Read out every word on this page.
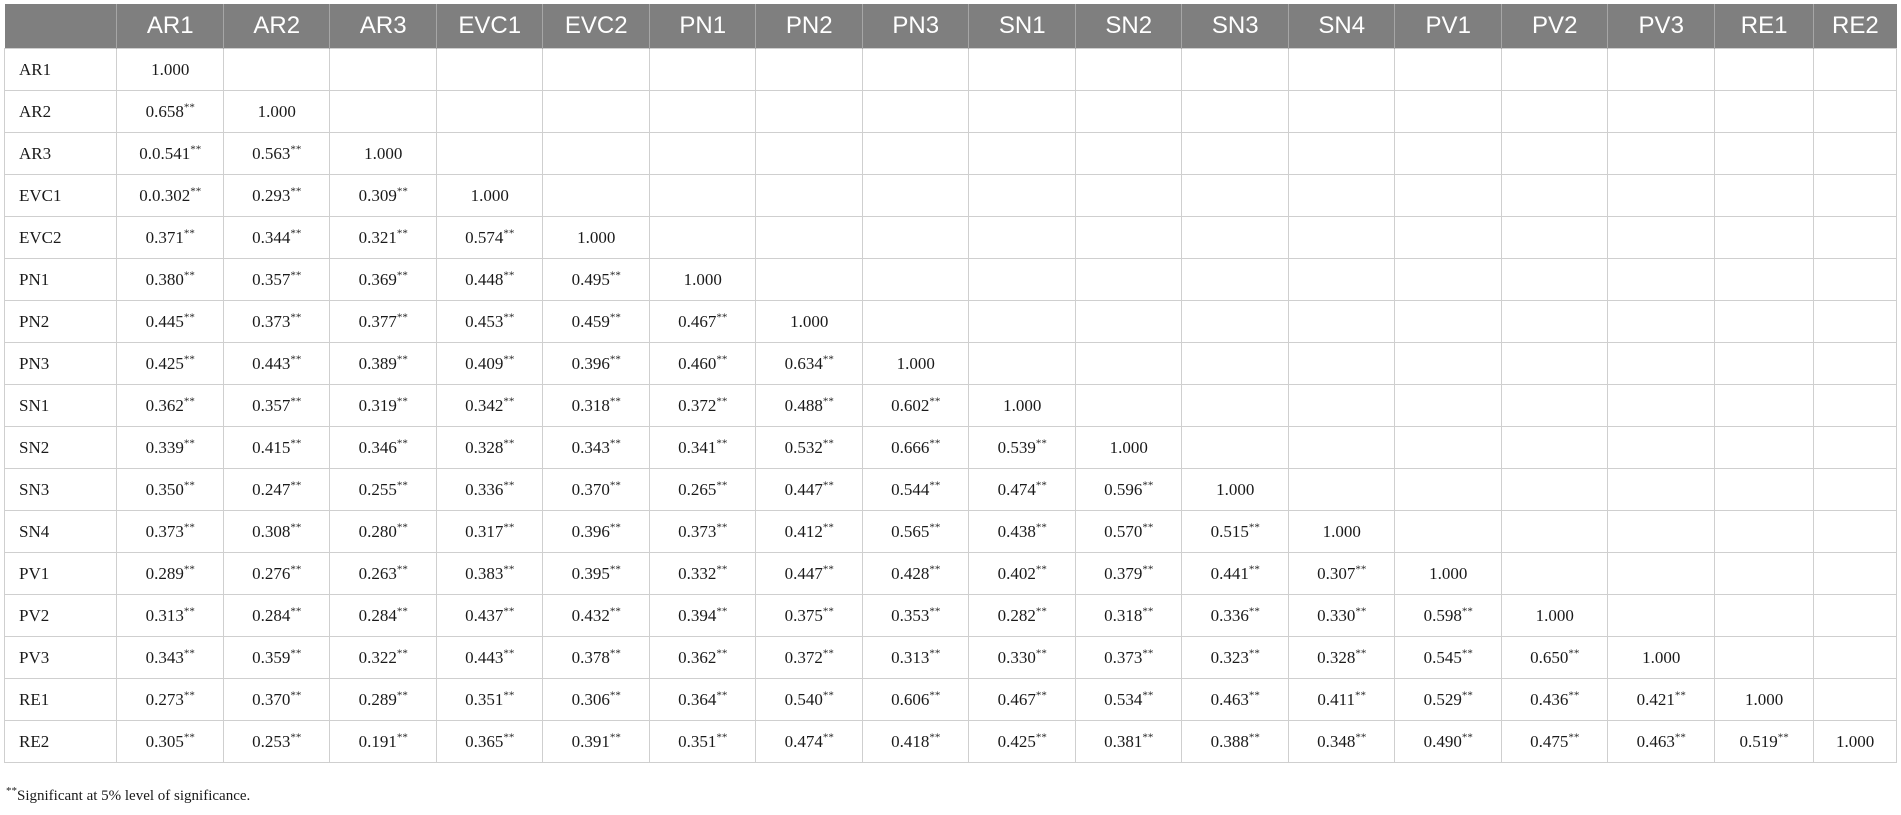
	AR1	AR2	AR3	EVC1	EVC2	PN1	PN2	PN3	SN1	SN2	SN3	SN4	PV1	PV2	PV3	RE1	RE2
AR1	1.000																
AR2	0.658**	1.000															
AR3	0.0.541**	0.563**	1.000														
EVC1	0.0.302**	0.293**	0.309**	1.000													
EVC2	0.371**	0.344**	0.321**	0.574**	1.000												
PN1	0.380**	0.357**	0.369**	0.448**	0.495**	1.000											
PN2	0.445**	0.373**	0.377**	0.453**	0.459**	0.467**	1.000										
PN3	0.425**	0.443**	0.389**	0.409**	0.396**	0.460**	0.634**	1.000									
SN1	0.362**	0.357**	0.319**	0.342**	0.318**	0.372**	0.488**	0.602**	1.000								
SN2	0.339**	0.415**	0.346**	0.328**	0.343**	0.341**	0.532**	0.666**	0.539**	1.000							
SN3	0.350**	0.247**	0.255**	0.336**	0.370**	0.265**	0.447**	0.544**	0.474**	0.596**	1.000						
SN4	0.373**	0.308**	0.280**	0.317**	0.396**	0.373**	0.412**	0.565**	0.438**	0.570**	0.515**	1.000					
PV1	0.289**	0.276**	0.263**	0.383**	0.395**	0.332**	0.447**	0.428**	0.402**	0.379**	0.441**	0.307**	1.000				
PV2	0.313**	0.284**	0.284**	0.437**	0.432**	0.394**	0.375**	0.353**	0.282**	0.318**	0.336**	0.330**	0.598**	1.000			
PV3	0.343**	0.359**	0.322**	0.443**	0.378**	0.362**	0.372**	0.313**	0.330**	0.373**	0.323**	0.328**	0.545**	0.650**	1.000		
RE1	0.273**	0.370**	0.289**	0.351**	0.306**	0.364**	0.540**	0.606**	0.467**	0.534**	0.463**	0.411**	0.529**	0.436**	0.421**	1.000	
RE2	0.305**	0.253**	0.191**	0.365**	0.391**	0.351**	0.474**	0.418**	0.425**	0.381**	0.388**	0.348**	0.490**	0.475**	0.463**	0.519**	1.000
**Significant at 5% level of significance.
